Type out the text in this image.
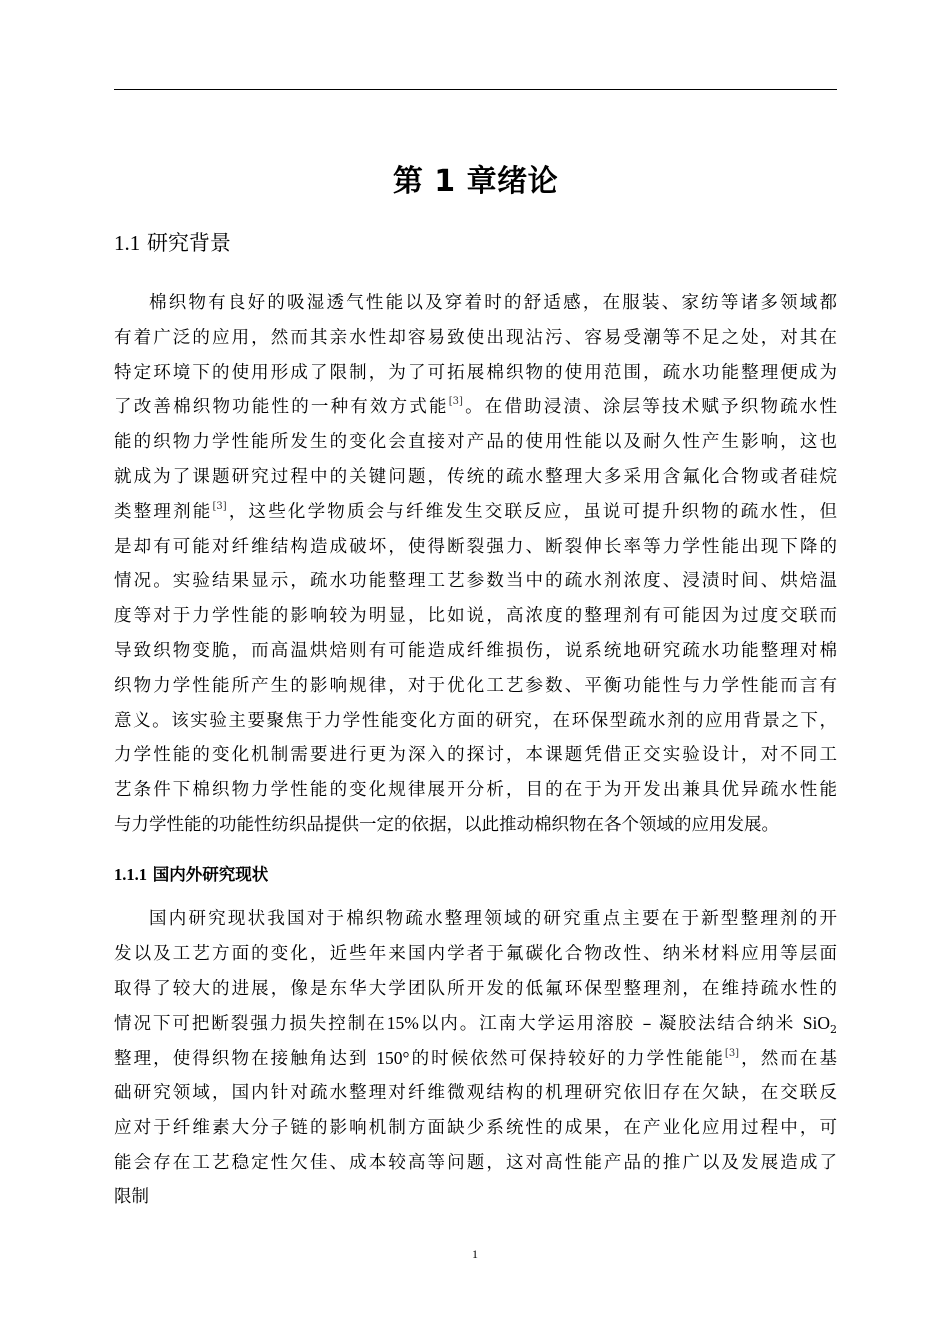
第 1 章绪论
1.1 研究背景
棉织物有良好的吸湿透气性能以及穿着时的舒适感，在服装、家纺等诸多领域都
有着广泛的应用，然而其亲水性却容易致使出现沾污、容易受潮等不足之处，对其在
特定环境下的使用形成了限制，为了可拓展棉织物的使用范围，疏水功能整理便成为
了改善棉织物功能性的一种有效方式能[3]。在借助浸渍、涂层等技术赋予织物疏水性
能的织物力学性能所发生的变化会直接对产品的使用性能以及耐久性产生影响，这也
就成为了课题研究过程中的关键问题，传统的疏水整理大多采用含氟化合物或者硅烷
类整理剂能[3]，这些化学物质会与纤维发生交联反应，虽说可提升织物的疏水性，但
是却有可能对纤维结构造成破坏，使得断裂强力、断裂伸长率等力学性能出现下降的
情况。实验结果显示，疏水功能整理工艺参数当中的疏水剂浓度、浸渍时间、烘焙温
度等对于力学性能的影响较为明显，比如说，高浓度的整理剂有可能因为过度交联而
导致织物变脆，而高温烘焙则有可能造成纤维损伤，说系统地研究疏水功能整理对棉
织物力学性能所产生的影响规律，对于优化工艺参数、平衡功能性与力学性能而言有
意义。该实验主要聚焦于力学性能变化方面的研究，在环保型疏水剂的应用背景之下，
力学性能的变化机制需要进行更为深入的探讨，本课题凭借正交实验设计，对不同工
艺条件下棉织物力学性能的变化规律展开分析，目的在于为开发出兼具优异疏水性能
与力学性能的功能性纺织品提供一定的依据，以此推动棉织物在各个领域的应用发展。
1.1.1 国内外研究现状
国内研究现状我国对于棉织物疏水整理领域的研究重点主要在于新型整理剂的开
发以及工艺方面的变化，近些年来国内学者于氟碳化合物改性、纳米材料应用等层面
取得了较大的进展，像是东华大学团队所开发的低氟环保型整理剂，在维持疏水性的
情况下可把断裂强力损失控制在15%以内。江南大学运用溶胶 – 凝胶法结合纳米 SiO$_2$
整理，使得织物在接触角达到 150°的时候依然可保持较好的力学性能能[3]，然而在基
础研究领域，国内针对疏水整理对纤维微观结构的机理研究依旧存在欠缺，在交联反
应对于纤维素大分子链的影响机制方面缺少系统性的成果，在产业化应用过程中，可
能会存在工艺稳定性欠佳、成本较高等问题，这对高性能产品的推广以及发展造成了
限制
1
